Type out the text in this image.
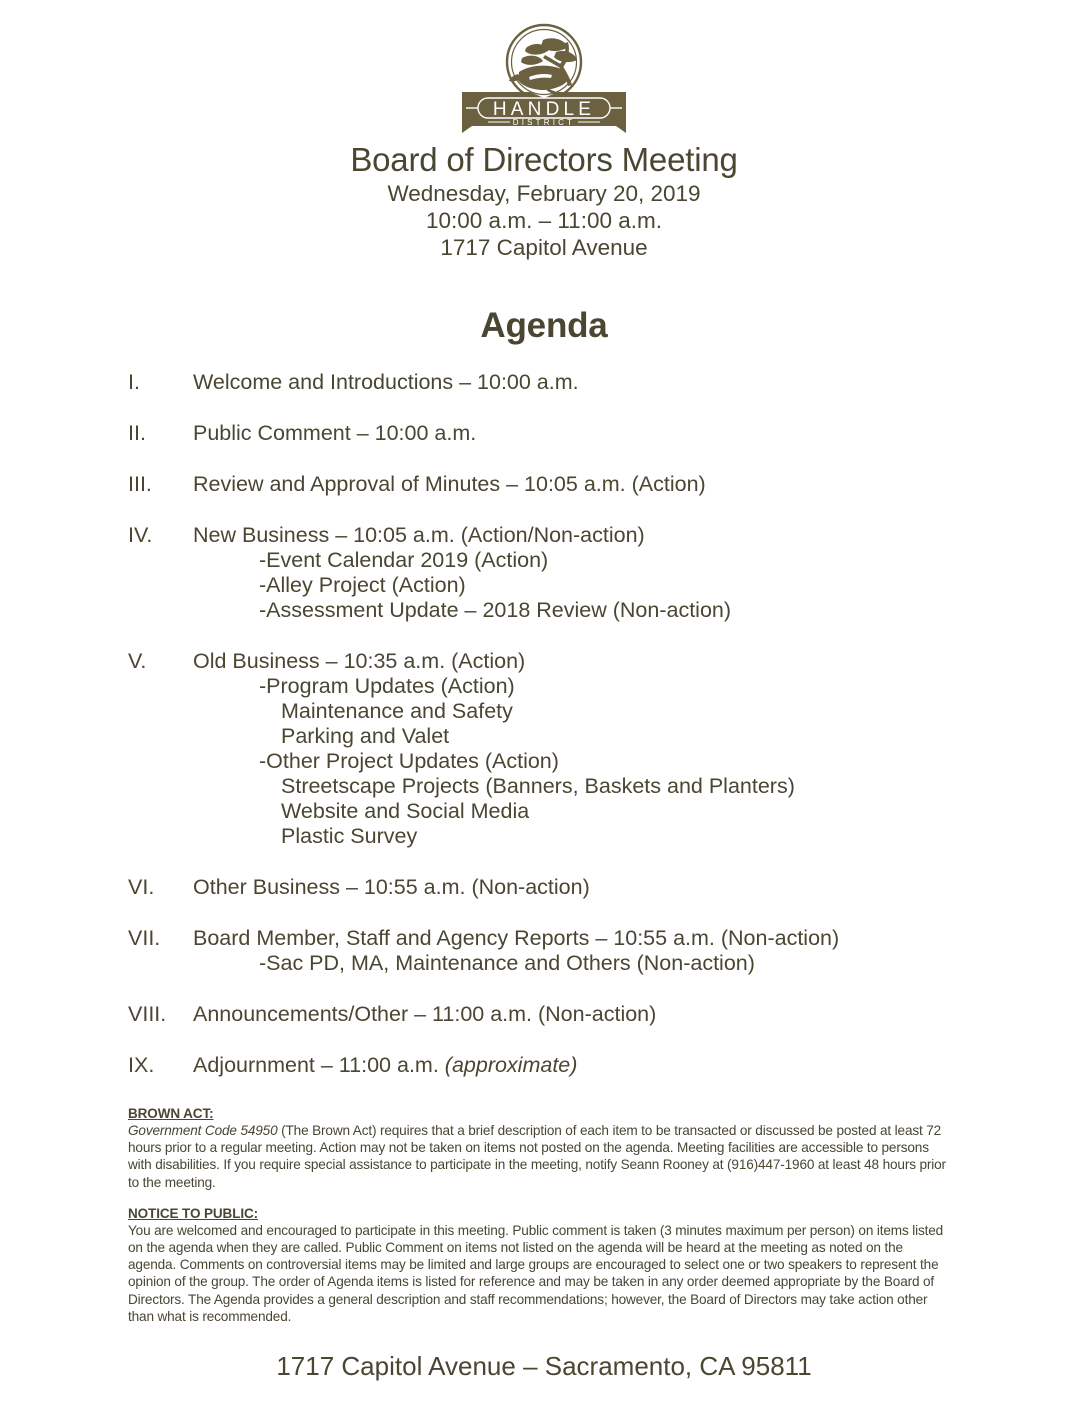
HANDLE
DISTRICT
Board of Directors Meeting
Wednesday, February 20, 2019
10:00 a.m. – 11:00 a.m.
1717 Capitol Avenue
Agenda
I.	Welcome and Introductions – 10:00 a.m.
II.	Public Comment – 10:00 a.m.
III.	Review and Approval of Minutes – 10:05 a.m. (Action)
IV.	New Business – 10:05 a.m. (Action/Non-action)
-Event Calendar 2019 (Action)
-Alley Project (Action)
-Assessment Update – 2018 Review (Non-action)
V.	Old Business – 10:35 a.m. (Action)
-Program Updates (Action)
Maintenance and Safety
Parking and Valet
-Other Project Updates (Action)
Streetscape Projects (Banners, Baskets and Planters)
Website and Social Media
Plastic Survey
VI.	Other Business – 10:55 a.m. (Non-action)
VII.	Board Member, Staff and Agency Reports – 10:55 a.m. (Non-action)
-Sac PD, MA, Maintenance and Others (Non-action)
VIII.	Announcements/Other – 11:00 a.m. (Non-action)
IX.	Adjournment – 11:00 a.m. (approximate)
BROWN ACT:
Government Code 54950 (The Brown Act) requires that a brief description of each item to be transacted or discussed be posted at least 72 hours prior to a regular meeting. Action may not be taken on items not posted on the agenda. Meeting facilities are accessible to persons with disabilities. If you require special assistance to participate in the meeting, notify Seann Rooney at (916)447-1960 at least 48 hours prior to the meeting.
NOTICE TO PUBLIC:
You are welcomed and encouraged to participate in this meeting. Public comment is taken (3 minutes maximum per person) on items listed on the agenda when they are called. Public Comment on items not listed on the agenda will be heard at the meeting as noted on the agenda. Comments on controversial items may be limited and large groups are encouraged to select one or two speakers to represent the opinion of the group. The order of Agenda items is listed for reference and may be taken in any order deemed appropriate by the Board of Directors. The Agenda provides a general description and staff recommendations; however, the Board of Directors may take action other than what is recommended.
1717 Capitol Avenue – Sacramento, CA 95811
